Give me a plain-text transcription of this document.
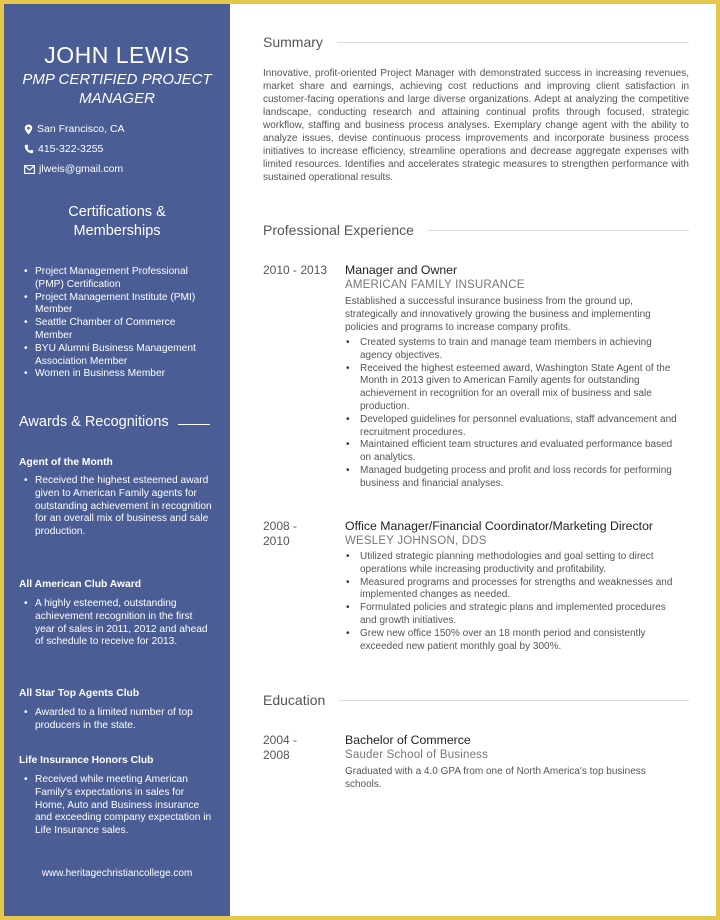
JOHN LEWIS
PMP CERTIFIED PROJECT
MANAGER
San Francisco, CA
415-322-3255
jlweis@gmail.com
Certifications &
Memberships
• Project Management Professional (PMP) Certification
• Project Management Institute (PMI) Member
• Seattle Chamber of Commerce Member
• BYU Alumni Business Management Association Member
• Women in Business Member
Awards & Recognitions
Agent of the Month
• Received the highest esteemed award given to American Family agents for outstanding achievement in recognition for an overall mix of business and sale production.
All American Club Award
• A highly esteemed, outstanding achievement recognition in the first year of sales in 2011, 2012 and ahead of schedule to receive for 2013.
All Star Top Agents Club
• Awarded to a limited number of top producers in the state.
Life Insurance Honors Club
• Received while meeting American Family's expectations in sales for Home, Auto and Business insurance and exceeding company expectation in Life Insurance sales.
www.heritagechristiancollege.com
Summary
Innovative, profit-oriented Project Manager with demonstrated success in increasing revenues, market share and earnings, achieving cost reductions and improving client satisfaction in customer-facing operations and large diverse organizations. Adept at analyzing the competitive landscape, conducting research and attaining continual profits through focused, strategic workflow, staffing and business process analyses. Exemplary change agent with the ability to analyze issues, devise continuous process improvements and incorporate business process initiatives to increase efficiency, streamline operations and decrease aggregate expenses with limited resources. Identifies and accelerates strategic measures to strengthen performance with sustained operational results.
Professional Experience
2010 - 2013 Manager and Owner
AMERICAN FAMILY INSURANCE
Established a successful insurance business from the ground up, strategically and innovatively growing the business and implementing policies and programs to increase company profits.
• Created systems to train and manage team members in achieving agency objectives.
• Received the highest esteemed award, Washington State Agent of the Month in 2013 given to American Family agents for outstanding achievement in recognition for an overall mix of business and sale production.
• Developed guidelines for personnel evaluations, staff advancement and recruitment procedures.
• Maintained efficient team structures and evaluated performance based on analytics.
• Managed budgeting process and profit and loss records for performing business and financial analyses.
2008 -
2010
Office Manager/Financial Coordinator/Marketing Director
WESLEY JOHNSON, DDS
• Utilized strategic planning methodologies and goal setting to direct operations while increasing productivity and profitability.
• Measured programs and processes for strengths and weaknesses and implemented changes as needed.
• Formulated policies and strategic plans and implemented procedures and growth initiatives.
• Grew new office 150% over an 18 month period and consistently exceeded new patient monthly goal by 300%.
Education
2004 -
2008
Bachelor of Commerce
Sauder School of Business
Graduated with a 4.0 GPA from one of North America's top business schools.
